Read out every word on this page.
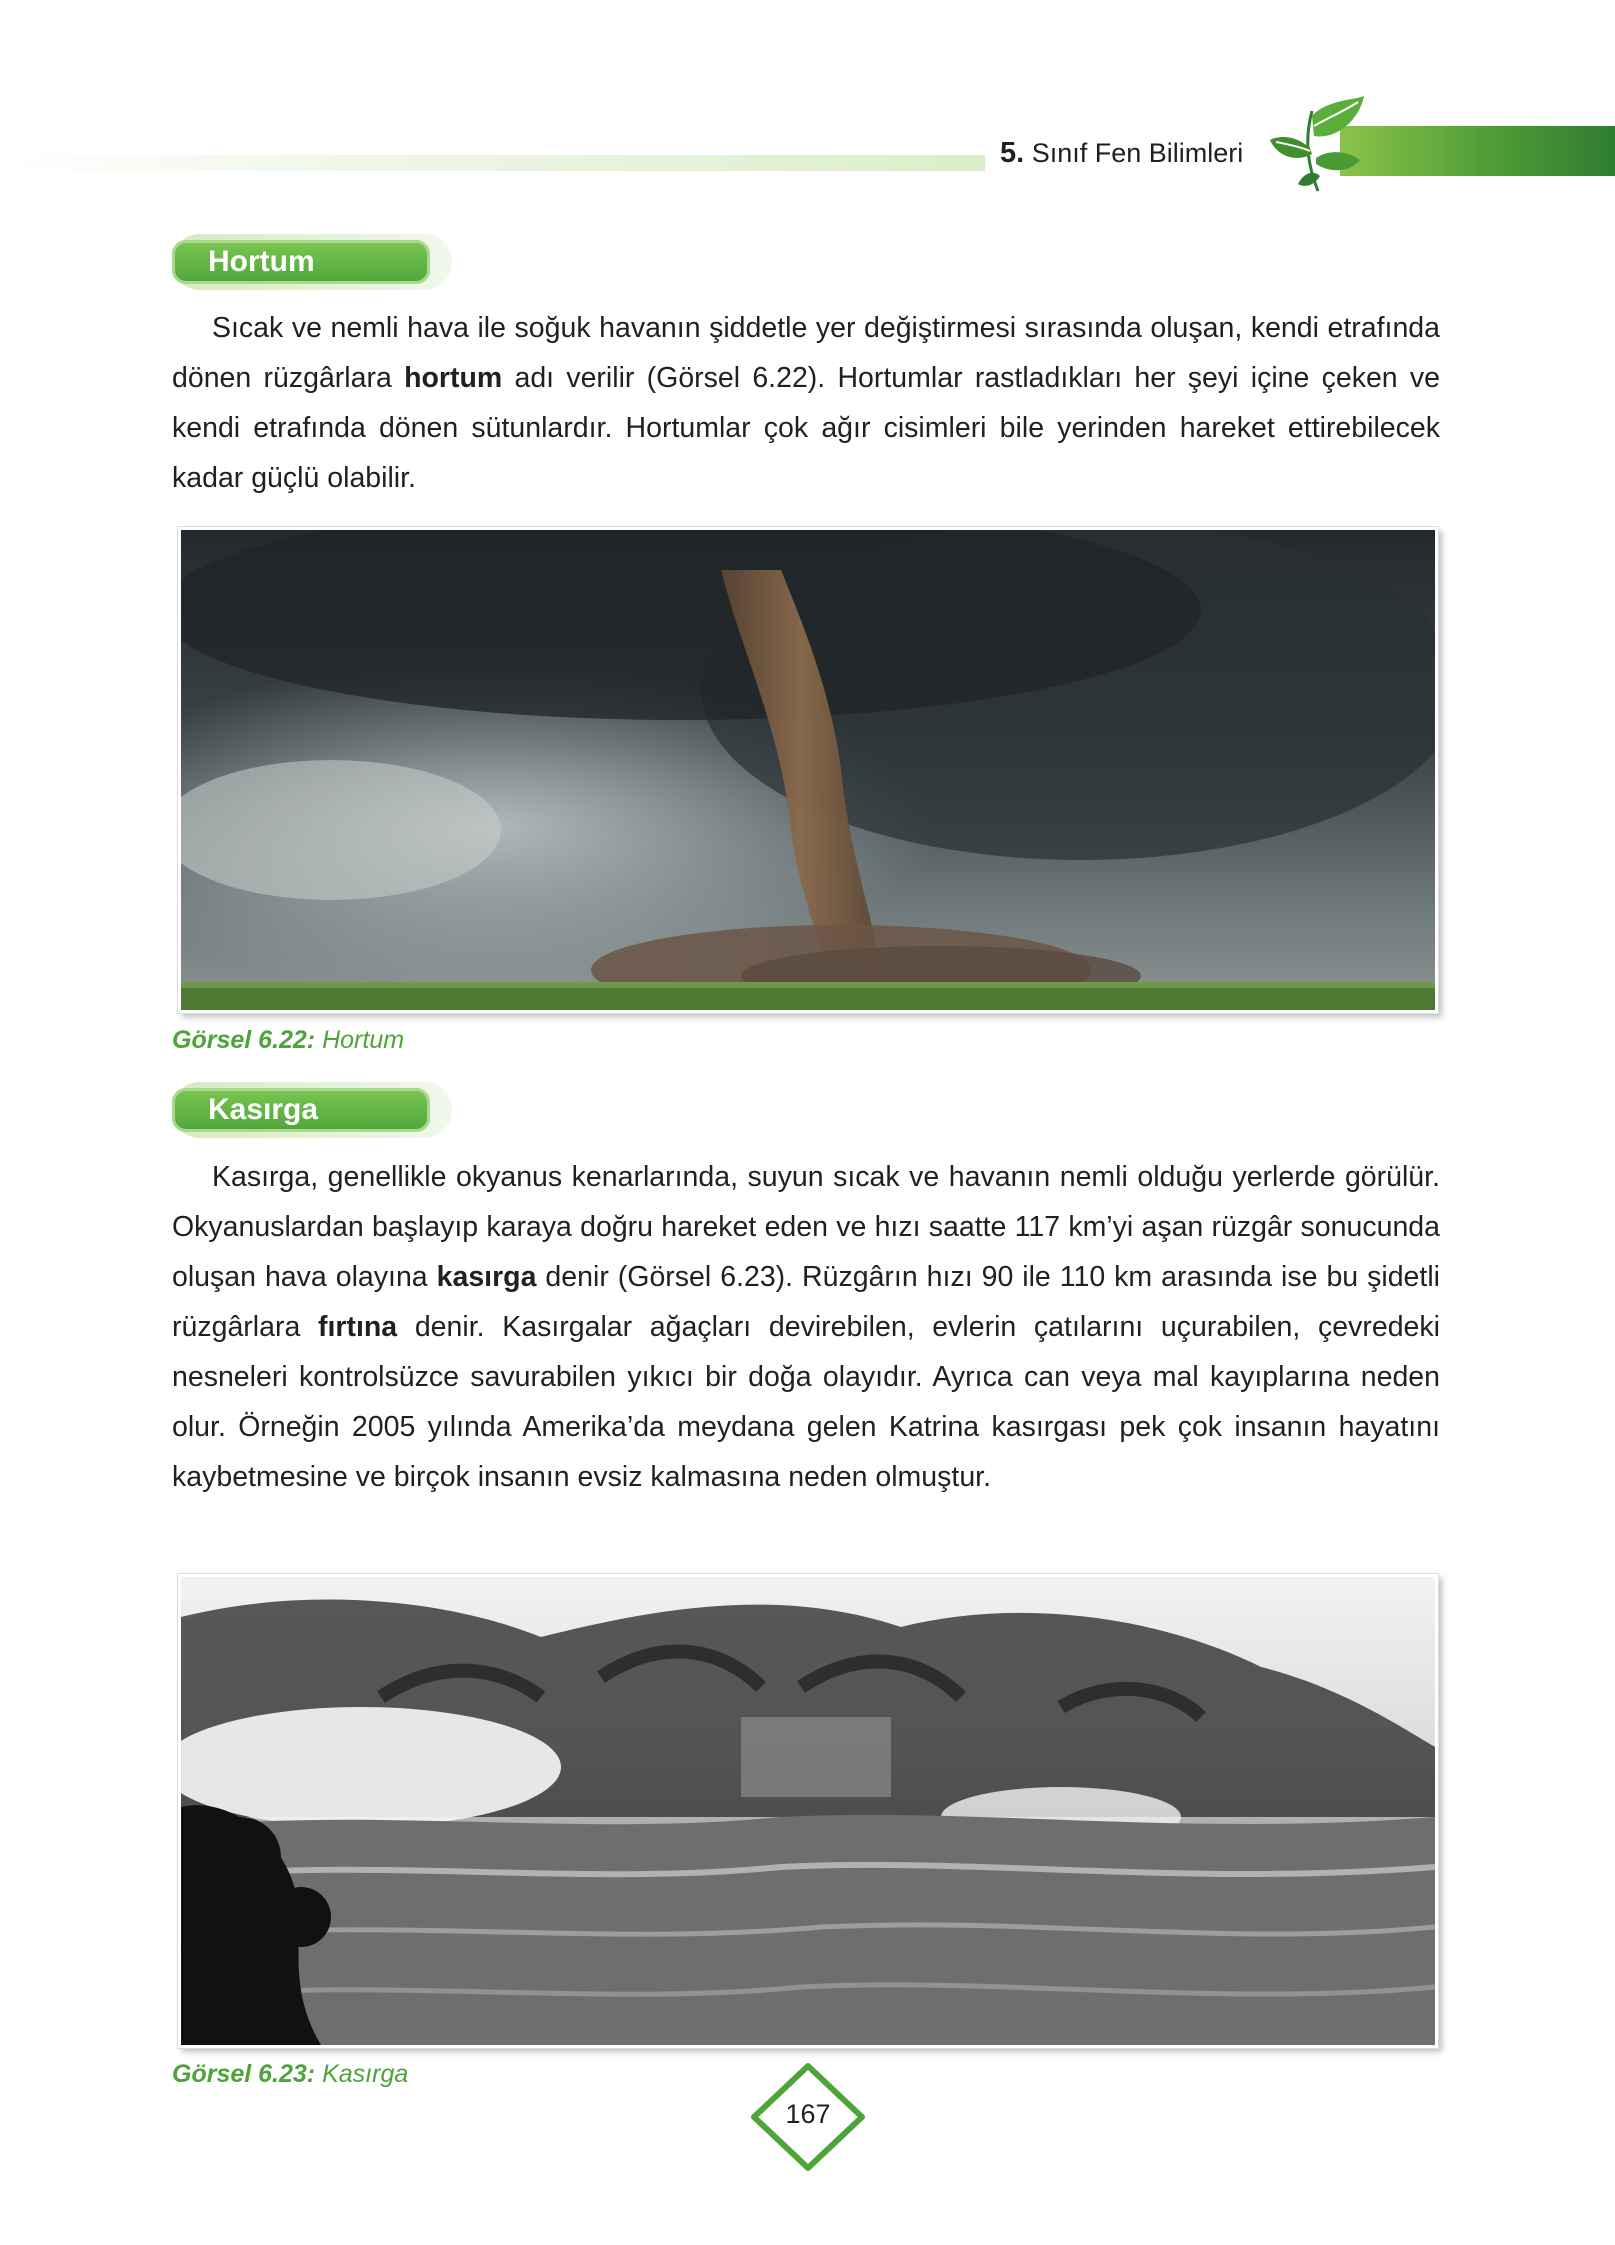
5. Sınıf Fen Bilimleri
Hortum
Sıcak ve nemli hava ile soğuk havanın şiddetle yer değiştirmesi sırasında oluşan, kendi etrafında dönen rüzgârlara hortum adı verilir (Görsel 6.22). Hortumlar rastladıkları her şeyi içine çeken ve kendi etrafında dönen sütunlardır. Hortumlar çok ağır cisimleri bile yerinden hareket ettirebilecek kadar güçlü olabilir.
Görsel 6.22: Hortum
Kasırga
Kasırga, genellikle okyanus kenarlarında, suyun sıcak ve havanın nemli olduğu yerlerde görülür. Okyanuslardan başlayıp karaya doğru hareket eden ve hızı saatte 117 km’yi aşan rüzgâr sonucunda oluşan hava olayına kasırga denir (Görsel 6.23). Rüzgârın hızı 90 ile 110 km arasında ise bu şidetli rüzgârlara fırtına denir. Kasırgalar ağaçları devirebilen, evlerin çatılarını uçurabilen, çevredeki nesneleri kontrolsüzce savurabilen yıkıcı bir doğa olayıdır. Ayrıca can veya mal kayıplarına neden olur. Örneğin 2005 yılında Amerika’da meydana gelen Katrina kasırgası pek çok insanın hayatını kaybetmesine ve birçok insanın evsiz kalmasına neden olmuştur.
Görsel 6.23: Kasırga
167
